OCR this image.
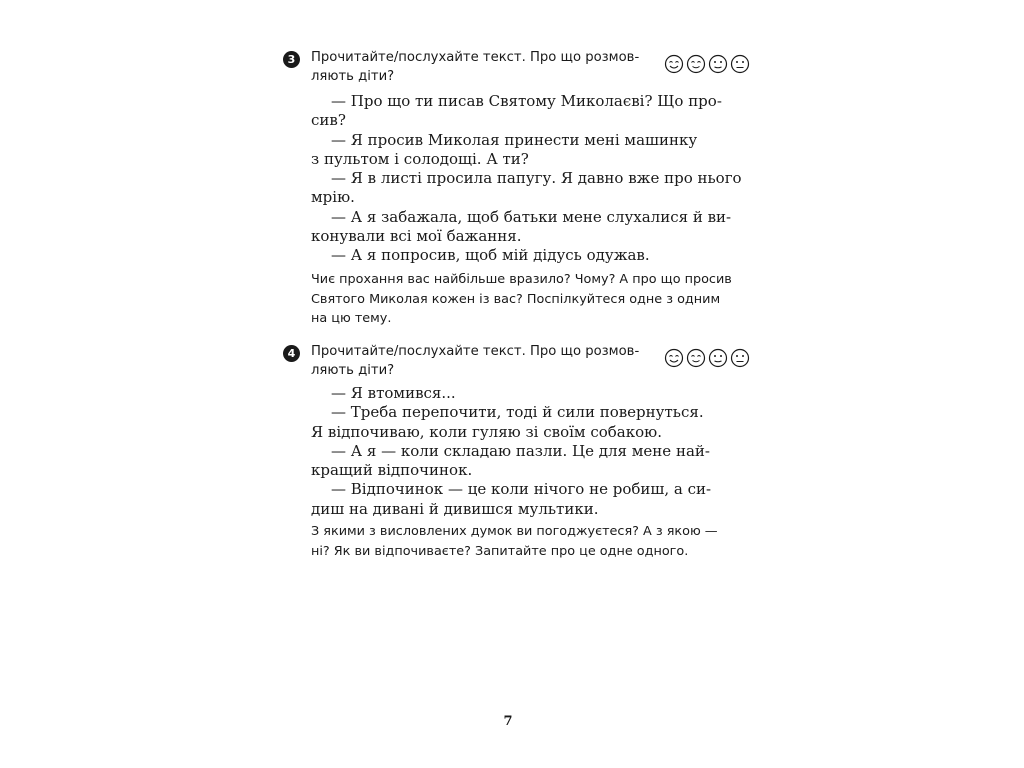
3	Прочитайте/послухайте текст. Про що розмов-
ляють діти?
— Про що ти писав Святому Миколаєві? Що про-
сив?
— Я просив Миколая принести мені машинку
з пультом і солодощі. А ти?
— Я в листі просила папугу. Я давно вже про нього
мрію.
— А я забажала, щоб батьки мене слухалися й ви-
конували всі мої бажання.
— А я попросив, щоб мій дідусь одужав.
Чиє прохання вас найбільше вразило? Чому? А про що просив
Святого Миколая кожен із вас? Поспілкуйтеся одне з одним
на цю тему.
4	Прочитайте/послухайте текст. Про що розмов-
ляють діти?
— Я втомився...
— Треба перепочити, тоді й сили повернуться.
Я відпочиваю, коли гуляю зі своїм собакою.
— А я — коли складаю пазли. Це для мене най-
кращий відпочинок.
— Відпочинок — це коли нічого не робиш, а си-
диш на дивані й дивишся мультики.
З якими з висловлених думок ви погоджуєтеся? А з якою —
ні? Як ви відпочиваєте? Запитайте про це одне одного.
7
